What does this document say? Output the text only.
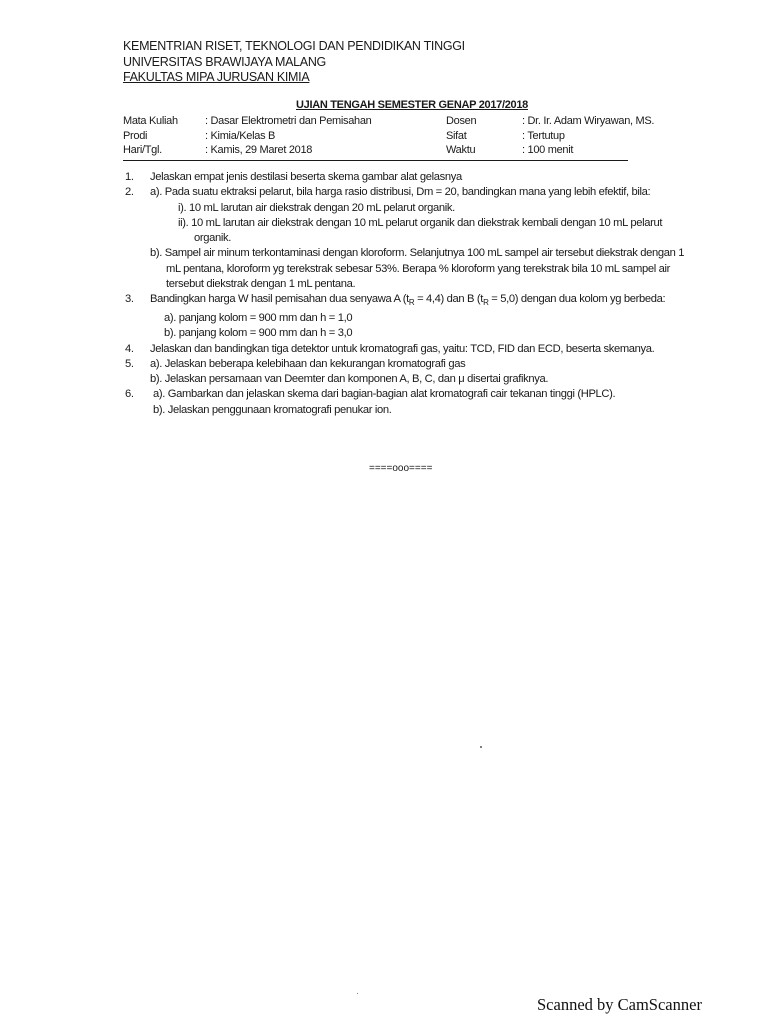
KEMENTRIAN RISET, TEKNOLOGI DAN PENDIDIKAN TINGGI
UNIVERSITAS BRAWIJAYA MALANG
FAKULTAS MIPA JURUSAN KIMIA
UJIAN TENGAH SEMESTER GENAP 2017/2018
Mata Kuliah	: Dasar Elektrometri dan Pemisahan	Dosen	: Dr. Ir. Adam Wiryawan, MS.
Prodi	: Kimia/Kelas B	Sifat	: Tertutup
Hari/Tgl.	: Kamis, 29 Maret 2018	Waktu	: 100 menit
1.	Jelaskan empat jenis destilasi beserta skema gambar alat gelasnya
2.	a). Pada suatu ektraksi pelarut, bila harga rasio distribusi, Dm = 20, bandingkan mana yang lebih efektif, bila:
i). 10 mL larutan air diekstrak dengan 20 mL pelarut organik.
ii). 10 mL larutan air diekstrak dengan 10 mL pelarut organik dan diekstrak kembali dengan 10 mL pelarut organik.
b). Sampel air minum terkontaminasi dengan kloroform. Selanjutnya 100 mL sampel air tersebut diekstrak dengan 1 mL pentana, kloroform yg terekstrak sebesar 53%. Berapa % kloroform yang terekstrak bila 10 mL sampel air tersebut diekstrak dengan 1 mL pentana.
3.	Bandingkan harga W hasil pemisahan dua senyawa A $(t_R = 4,4)$ dan B $(t_R = 5,0)$ dengan dua kolom yg berbeda:
a). panjang kolom = 900 mm dan h = 1,0
b). panjang kolom = 900 mm dan h = 3,0
4.	Jelaskan dan bandingkan tiga detektor untuk kromatografi gas, yaitu: TCD, FID dan ECD, beserta skemanya.
5.	a). Jelaskan beberapa kelebihaan dan kekurangan kromatografi gas
b). Jelaskan persamaan van Deemter dan komponen A, B, C, dan μ disertai grafiknya.
6.	a). Gambarkan dan jelaskan skema dari bagian-bagian alat kromatografi cair tekanan tinggi (HPLC).
b). Jelaskan penggunaan kromatografi penukar ion.
====ooo====
Scanned by CamScanner
